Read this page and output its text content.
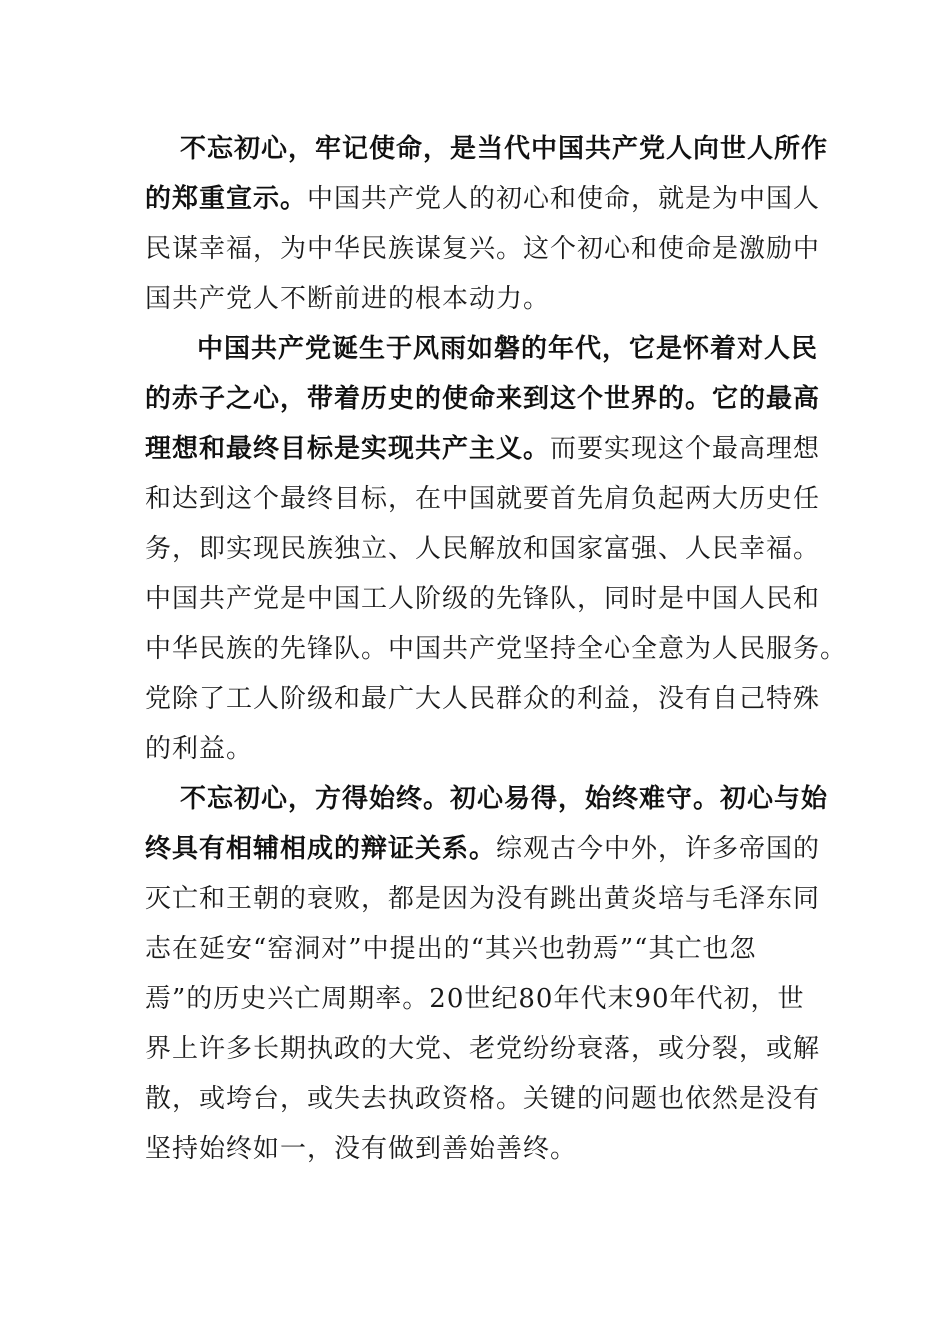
不忘初心，牢记使命，是当代中国共产党人向世人所作
的郑重宣示。中国共产党人的初心和使命，就是为中国人
民谋幸福，为中华民族谋复兴。这个初心和使命是激励中
国共产党人不断前进的根本动力。
中国共产党诞生于风雨如磐的年代，它是怀着对人民
的赤子之心，带着历史的使命来到这个世界的。它的最高
理想和最终目标是实现共产主义。而要实现这个最高理想
和达到这个最终目标，在中国就要首先肩负起两大历史任
务，即实现民族独立、人民解放和国家富强、人民幸福。
中国共产党是中国工人阶级的先锋队，同时是中国人民和
中华民族的先锋队。中国共产党坚持全心全意为人民服务。
党除了工人阶级和最广大人民群众的利益，没有自己特殊
的利益。
不忘初心，方得始终。初心易得，始终难守。初心与始
终具有相辅相成的辩证关系。综观古今中外，许多帝国的
灭亡和王朝的衰败，都是因为没有跳出黄炎培与毛泽东同
志在延安“窑洞对”中提出的“其兴也勃焉”“其亡也忽
焉”的历史兴亡周期率。20世纪80年代末90年代初，世
界上许多长期执政的大党、老党纷纷衰落，或分裂，或解
散，或垮台，或失去执政资格。关键的问题也依然是没有
坚持始终如一，没有做到善始善终。
